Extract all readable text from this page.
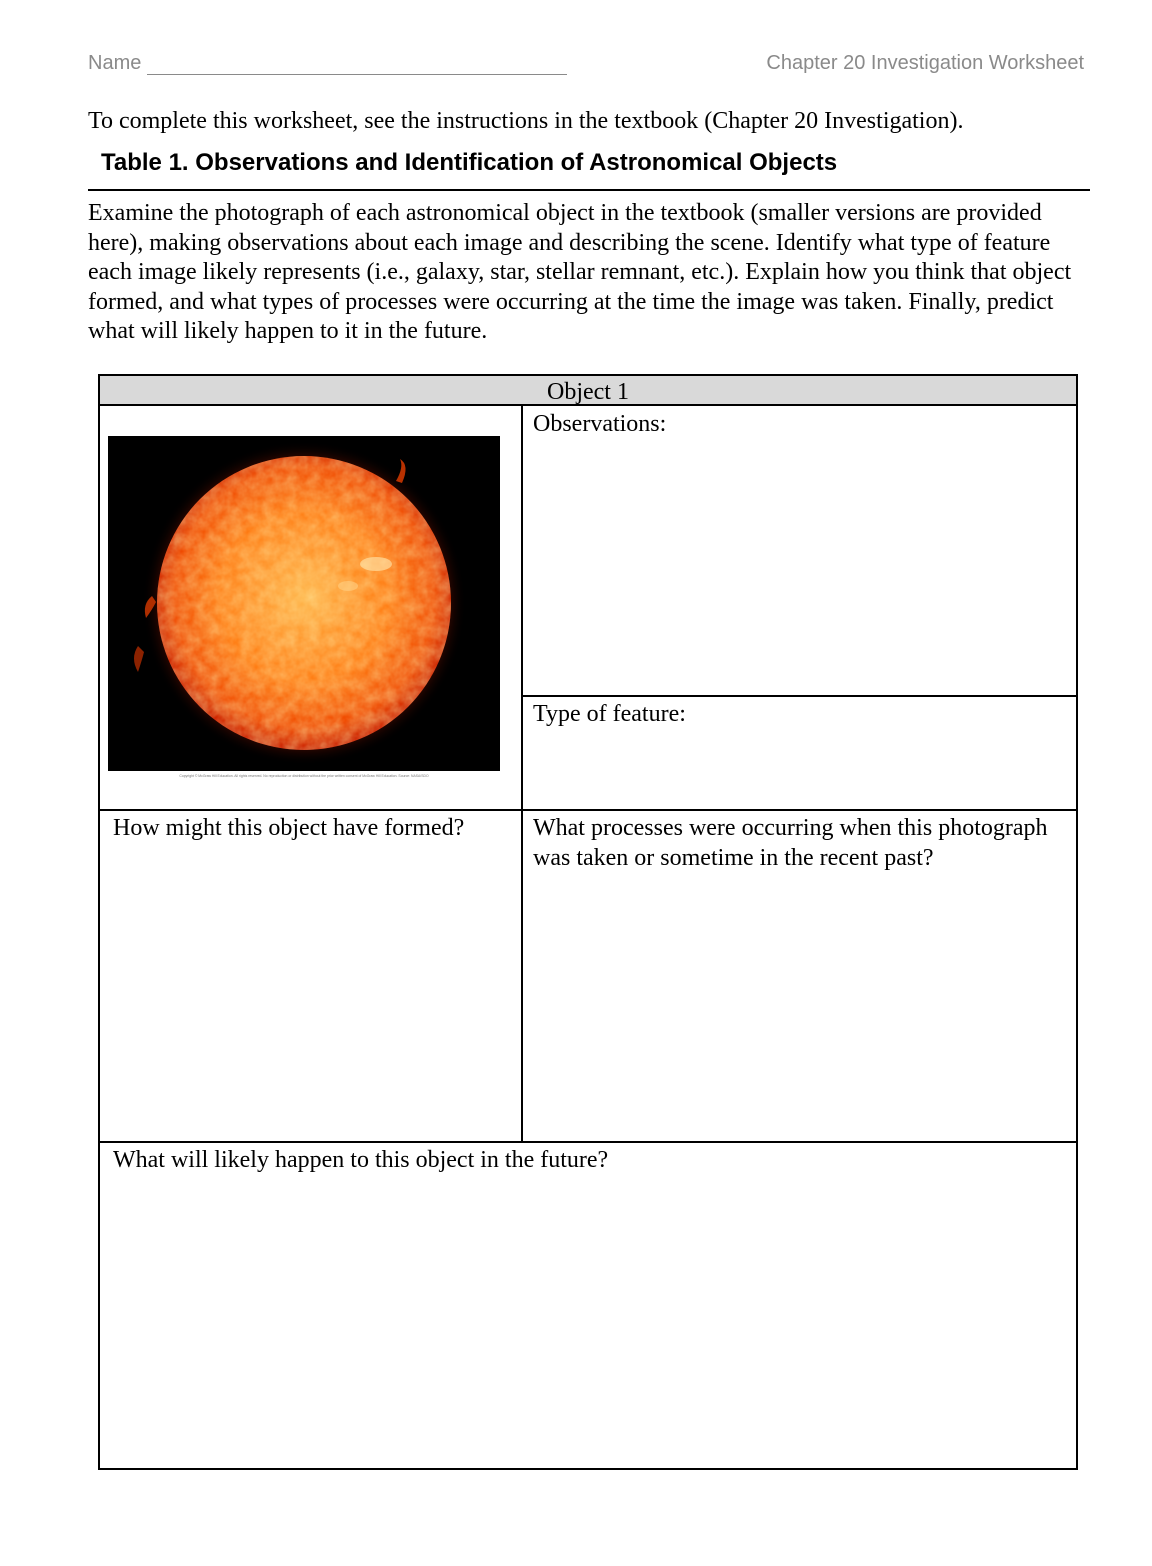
Name	Chapter 20 Investigation Worksheet
To complete this worksheet, see the instructions in the textbook (Chapter 20 Investigation).
Table 1. Observations and Identification of Astronomical Objects
Examine the photograph of each astronomical object in the textbook (smaller versions are provided here), making observations about each image and describing the scene. Identify what type of feature each image likely represents (i.e., galaxy, star, stellar remnant, etc.). Explain how you think that object formed, and what types of processes were occurring at the time the image was taken. Finally, predict what will likely happen to it in the future.
Object 1
Copyright © McGraw Hill Education. All rights reserved. No reproduction or distribution without the prior written consent of McGraw Hill Education. Source: NASA/SDO
Observations:
Type of feature:
How might this object have formed?	What processes were occurring when this photograph was taken or sometime in the recent past?
What will likely happen to this object in the future?
